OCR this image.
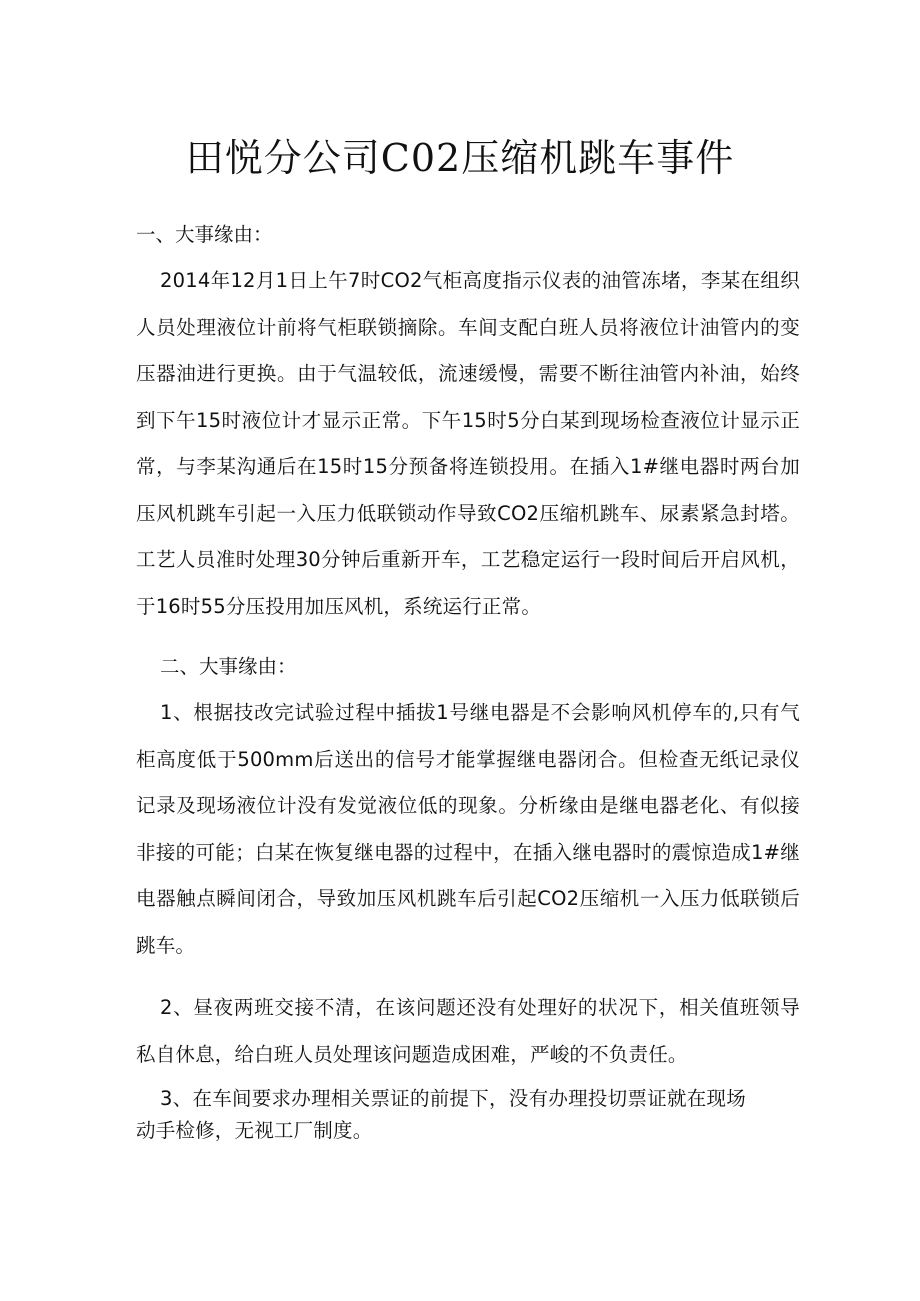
田悦分公司C02压缩机跳车事件
一、大事缘由：
2014年12月1日上午7时CO2气柜高度指示仪表的油管冻堵，李某在组织人员处理液位计前将气柜联锁摘除。车间支配白班人员将液位计油管内的变压器油进行更换。由于气温较低，流速缓慢，需要不断往油管内补油，始终到下午15时液位计才显示正常。下午15时5分白某到现场检查液位计显示正常，与李某沟通后在15时15分预备将连锁投用。在插入1#继电器时两台加压风机跳车引起一入压力低联锁动作导致CO2压缩机跳车、尿素紧急封塔。工艺人员准时处理30分钟后重新开车，工艺稳定运行一段时间后开启风机，于16时55分压投用加压风机，系统运行正常。
二、大事缘由：
1、根据技改完试验过程中插拔1号继电器是不会影响风机停车的,只有气柜高度低于500mm后送出的信号才能掌握继电器闭合。但检查无纸记录仪记录及现场液位计没有发觉液位低的现象。分析缘由是继电器老化、有似接非接的可能；白某在恢复继电器的过程中，在插入继电器时的震惊造成1#继电器触点瞬间闭合，导致加压风机跳车后引起CO2压缩机一入压力低联锁后跳车。
2、昼夜两班交接不清，在该问题还没有处理好的状况下，相关值班领导私自休息，给白班人员处理该问题造成困难，严峻的不负责任。
3、在车间要求办理相关票证的前提下，没有办理投切票证就在现场动手检修，无视工厂制度。
